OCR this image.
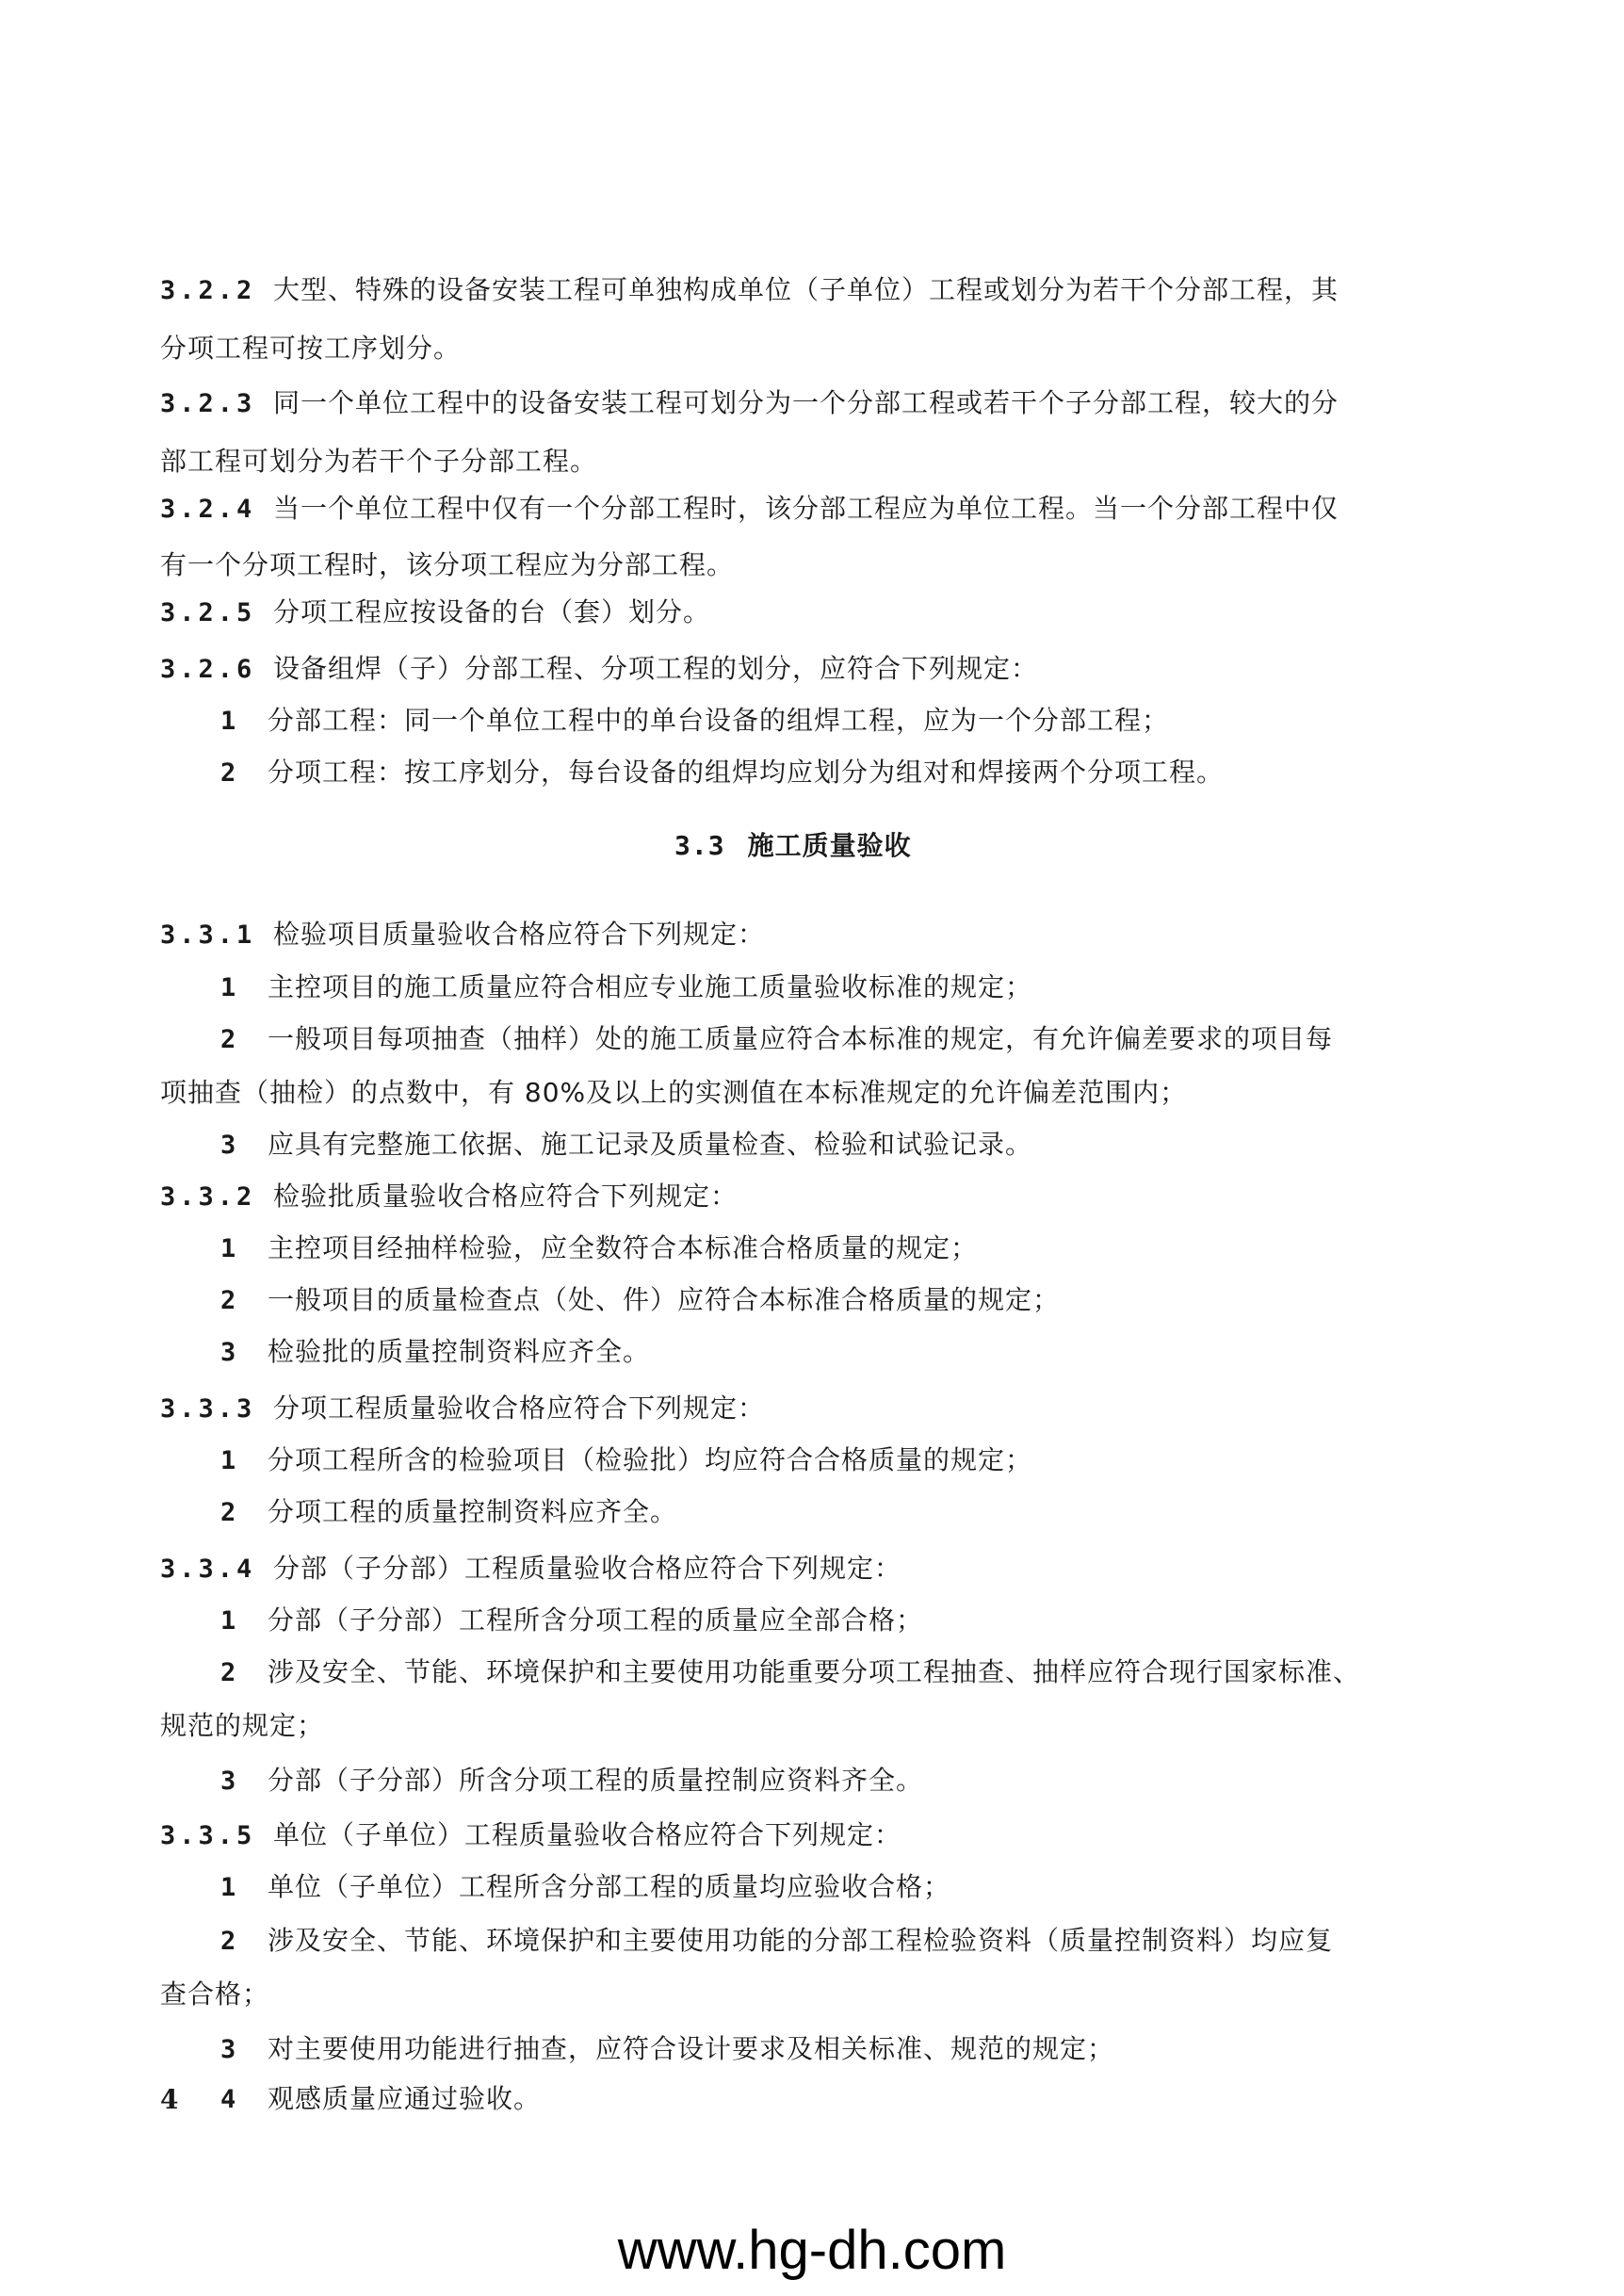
3.2.2 大型、特殊的设备安装工程可单独构成单位（子单位）工程或划分为若干个分部工程，其
分项工程可按工序划分。
3.2.3 同一个单位工程中的设备安装工程可划分为一个分部工程或若干个子分部工程，较大的分
部工程可划分为若干个子分部工程。
3.2.4 当一个单位工程中仅有一个分部工程时，该分部工程应为单位工程。当一个分部工程中仅
有一个分项工程时，该分项工程应为分部工程。
3.2.5 分项工程应按设备的台（套）划分。
3.2.6 设备组焊（子）分部工程、分项工程的划分，应符合下列规定：
1 分部工程：同一个单位工程中的单台设备的组焊工程，应为一个分部工程；
2 分项工程：按工序划分，每台设备的组焊均应划分为组对和焊接两个分项工程。
3.3 施工质量验收
3.3.1 检验项目质量验收合格应符合下列规定：
1 主控项目的施工质量应符合相应专业施工质量验收标准的规定；
2 一般项目每项抽查（抽样）处的施工质量应符合本标准的规定，有允许偏差要求的项目每
项抽查（抽检）的点数中，有 80%及以上的实测值在本标准规定的允许偏差范围内；
3 应具有完整施工依据、施工记录及质量检查、检验和试验记录。
3.3.2 检验批质量验收合格应符合下列规定：
1 主控项目经抽样检验，应全数符合本标准合格质量的规定；
2 一般项目的质量检查点（处、件）应符合本标准合格质量的规定；
3 检验批的质量控制资料应齐全。
3.3.3 分项工程质量验收合格应符合下列规定：
1 分项工程所含的检验项目（检验批）均应符合合格质量的规定；
2 分项工程的质量控制资料应齐全。
3.3.4 分部（子分部）工程质量验收合格应符合下列规定：
1 分部（子分部）工程所含分项工程的质量应全部合格；
2 涉及安全、节能、环境保护和主要使用功能重要分项工程抽查、抽样应符合现行国家标准、
规范的规定；
3 分部（子分部）所含分项工程的质量控制应资料齐全。
3.3.5 单位（子单位）工程质量验收合格应符合下列规定：
1 单位（子单位）工程所含分部工程的质量均应验收合格；
2 涉及安全、节能、环境保护和主要使用功能的分部工程检验资料（质量控制资料）均应复
查合格；
3 对主要使用功能进行抽查，应符合设计要求及相关标准、规范的规定；
4 观感质量应通过验收。
4
www.hg-dh.com
